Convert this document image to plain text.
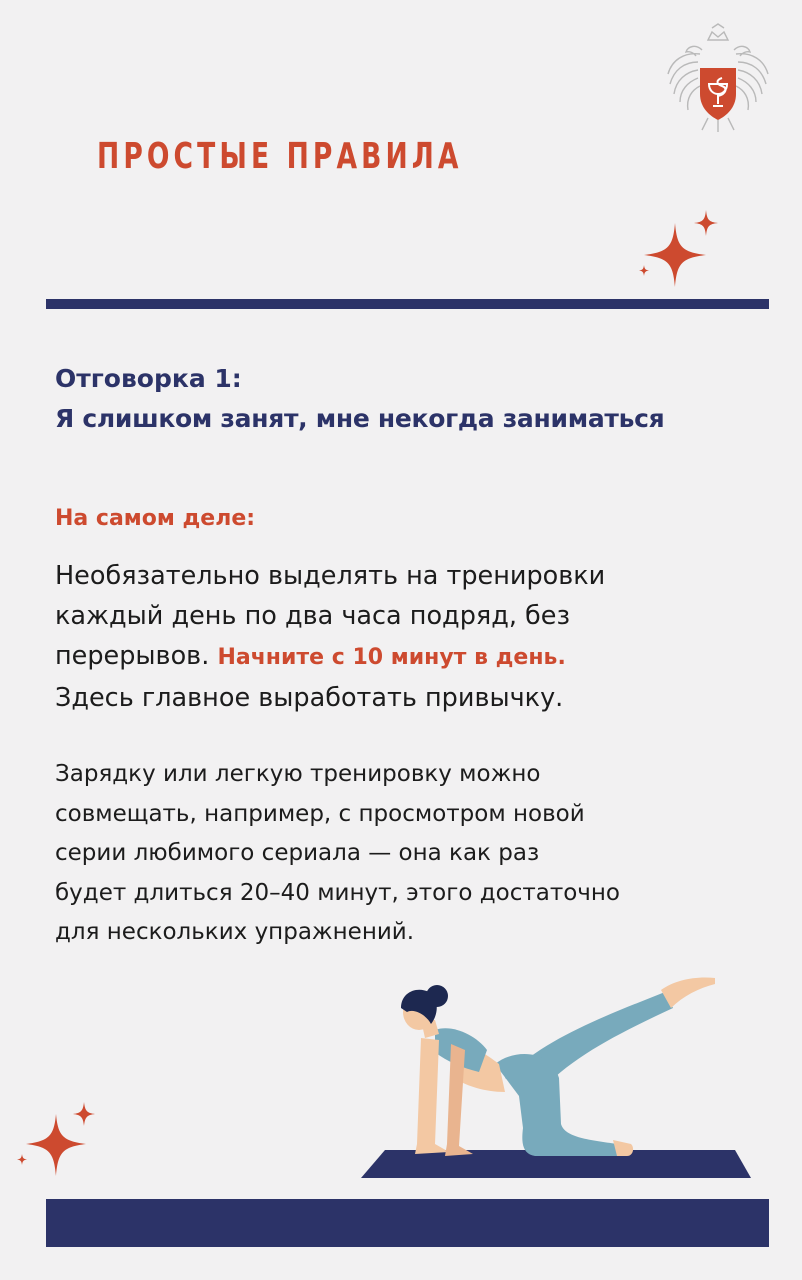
ПРОСТЫЕ ПРАВИЛА
Отговорка 1:
Я слишком занят, мне некогда заниматься
На самом деле:

Необязательно выделять на тренировки
каждый день по два часа подряд, без
перерывов. Начните с 10 минут в день.
Здесь главное выработать привычку.

Зарядку или легкую тренировку можно
совмещать, например, с просмотром новой
серии любимого сериала — она как раз
будет длиться 20–40 минут, этого достаточно
для нескольких упражнений.
